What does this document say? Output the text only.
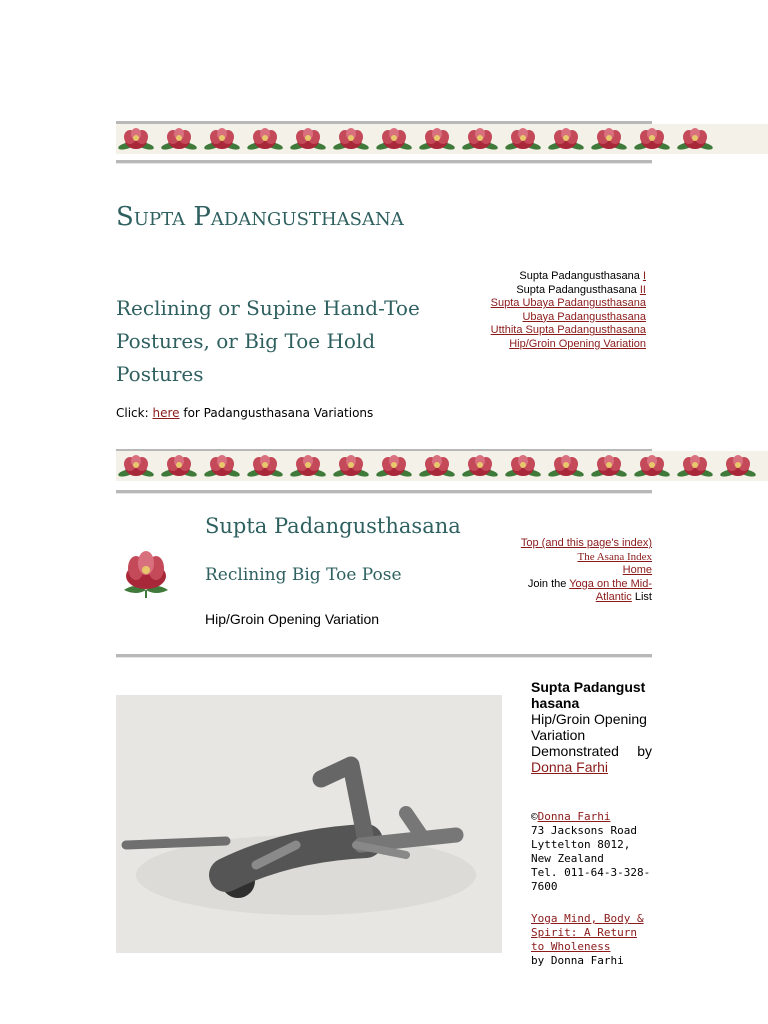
Supta Padangusthasana
Reclining or Supine Hand-Toe Postures, or Big Toe Hold Postures
Click: here for Padangusthasana Variations
Supta Padangusthasana I
Supta Padangusthasana II
Supta Ubaya Padangusthasana
Ubaya Padangusthasana
Utthita Supta Padangusthasana
Hip/Groin Opening Variation
Supta Padangusthasana
Reclining Big Toe Pose
Hip/Groin Opening Variation
Top (and this page's index)
The Asana Index
Home
Join the Yoga on the Mid-Atlantic List
Supta Padangusthasana
Hip/Groin Opening Variation
Demonstrated by
Donna Farhi
©Donna Farhi
73 Jacksons Road
Lyttelton 8012, New Zealand
Tel. 011-64-3-328-7600
Yoga Mind, Body & Spirit: A Return to Wholeness
by Donna Farhi
